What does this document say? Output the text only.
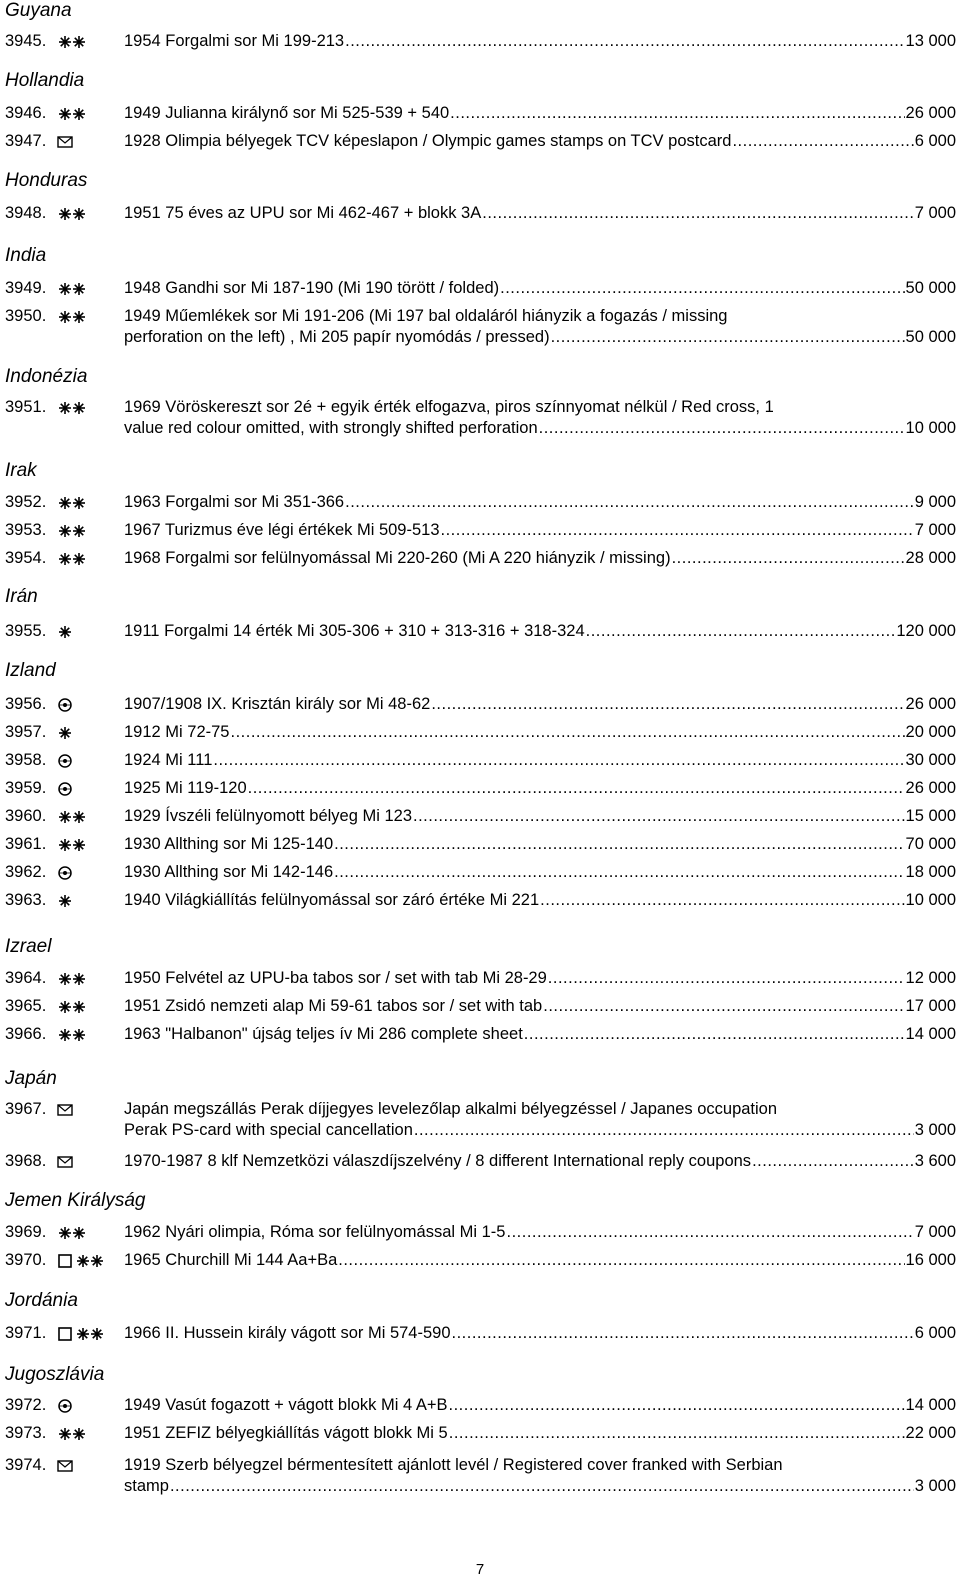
Guyana
3945.	1954 Forgalmi sor Mi 199-213 .....	13 000
Hollandia
3946.	1949 Julianna királynő sor Mi 525-539 + 540 .....	26 000
3947.	1928 Olimpia bélyegek TCV képeslapon / Olympic games stamps on TCV postcard .....	6 000
Honduras
3948.	1951 75 éves az UPU sor Mi 462-467 + blokk 3A .....	7 000
India
3949.	1948 Gandhi sor Mi 187-190 (Mi 190 törött / folded) .....	50 000
3950.	1949 Műemlékek sor Mi 191-206 (Mi 197 bal oldaláról hiányzik a fogazás / missing
perforation on the left) , Mi 205 papír nyomódás / pressed) .....	50 000
Indonézia
3951.	1969 Vöröskereszt sor 2é + egyik érték elfogazva, piros színnyomat nélkül / Red cross, 1
value red colour omitted, with strongly shifted perforation .....	10 000
Irak
3952.	1963 Forgalmi sor Mi 351-366 .....	9 000
3953.	1967 Turizmus éve légi értékek Mi 509-513 .....	7 000
3954.	1968 Forgalmi sor felülnyomással Mi 220-260 (Mi A 220 hiányzik / missing) .....	28 000
Irán
3955.	1911 Forgalmi 14 érték Mi 305-306 + 310 + 313-316 + 318-324 .....	120 000
Izland
3956.	1907/1908 IX. Krisztán király sor Mi 48-62 .....	26 000
3957.	1912 Mi 72-75 .....	20 000
3958.	1924 Mi 111 .....	30 000
3959.	1925 Mi 119-120 .....	26 000
3960.	1929 Ívszéli felülnyomott bélyeg Mi 123 .....	15 000
3961.	1930 Allthing sor Mi 125-140 .....	70 000
3962.	1930 Allthing sor Mi 142-146 .....	18 000
3963.	1940 Világkiállítás felülnyomással sor záró értéke Mi 221 .....	10 000
Izrael
3964.	1950 Felvétel az UPU-ba tabos sor / set with tab Mi 28-29 .....	12 000
3965.	1951 Zsidó nemzeti alap Mi 59-61 tabos sor / set with tab .....	17 000
3966.	1963 "Halbanon" újság teljes ív Mi 286 complete sheet .....	14 000
Japán
3967.	Japán megszállás Perak díjjegyes levelezőlap alkalmi bélyegzéssel / Japanes occupation
Perak PS-card with special cancellation .....	3 000
3968.	1970-1987 8 klf Nemzetközi válaszdíjszelvény / 8 different International reply coupons .....	3 600
Jemen Királyság
3969.	1962 Nyári olimpia, Róma sor felülnyomással Mi 1-5 .....	7 000
3970.	1965 Churchill Mi 144 Aa+Ba .....	16 000
Jordánia
3971.	1966 II. Hussein király vágott sor Mi 574-590 .....	6 000
Jugoszlávia
3972.	1949 Vasút fogazott + vágott blokk Mi 4 A+B .....	14 000
3973.	1951 ZEFIZ bélyegkiállítás vágott blokk Mi 5 .....	22 000
3974.	1919 Szerb bélyegzel bérmentesített ajánlott levél / Registered cover franked with Serbian
stamp .....	3 000
7
